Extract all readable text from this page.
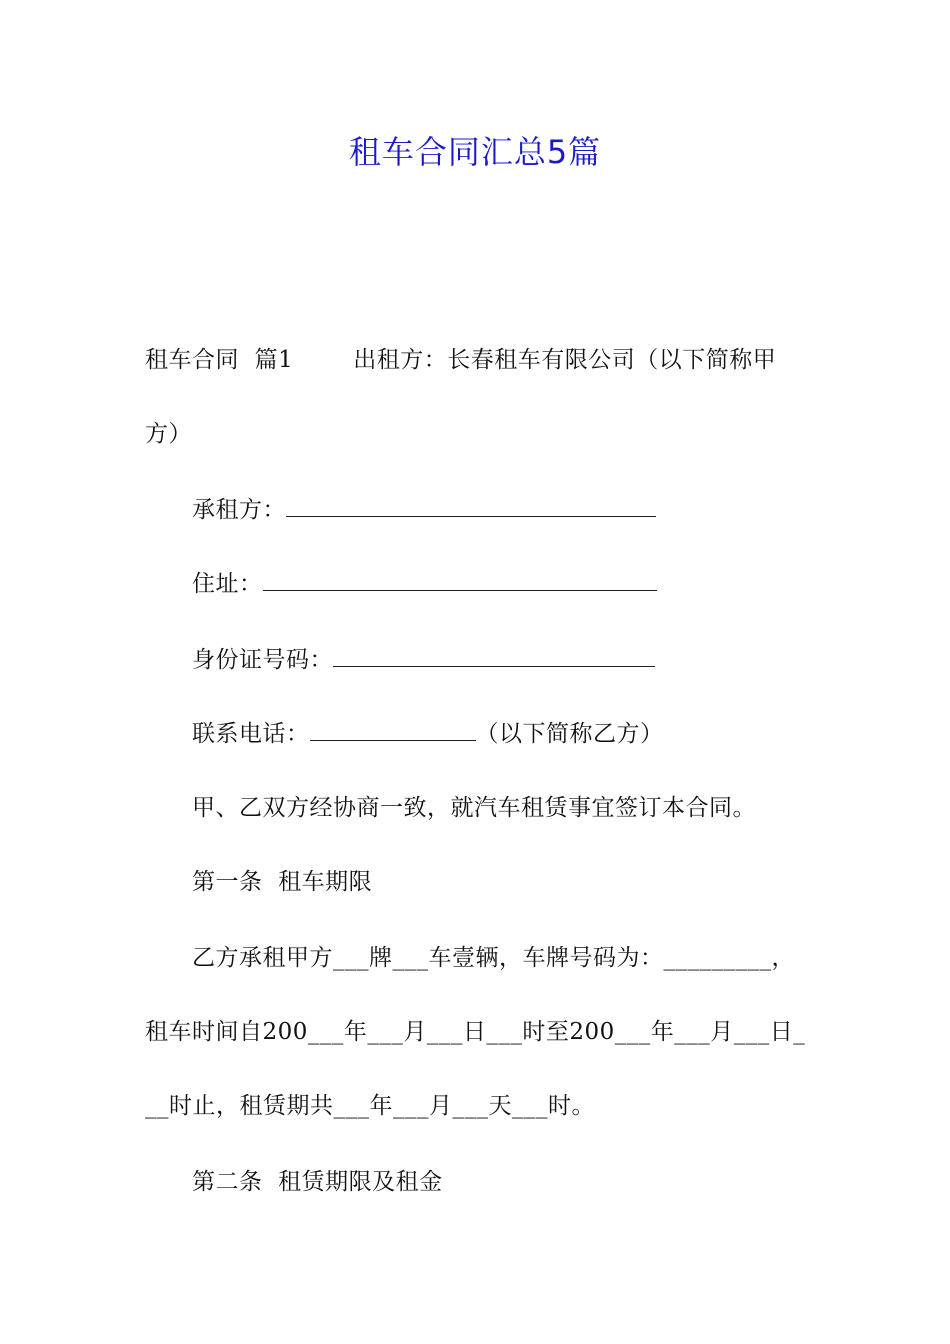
租车合同汇总5篇
租车合同  篇1	出租方：长春租车有限公司（以下简称甲
方）
承租方：
住址：
身份证号码：
联系电话：	（以下简称乙方）
甲、乙双方经协商一致，就汽车租赁事宜签订本合同。
第一条  租车期限
乙方承租甲方___牌___车壹辆，车牌号码为：_________，
租车时间自200___年___月___日___时至200___年___月___日_
__时止，租赁期共___年___月___天___时。
第二条  租赁期限及租金
